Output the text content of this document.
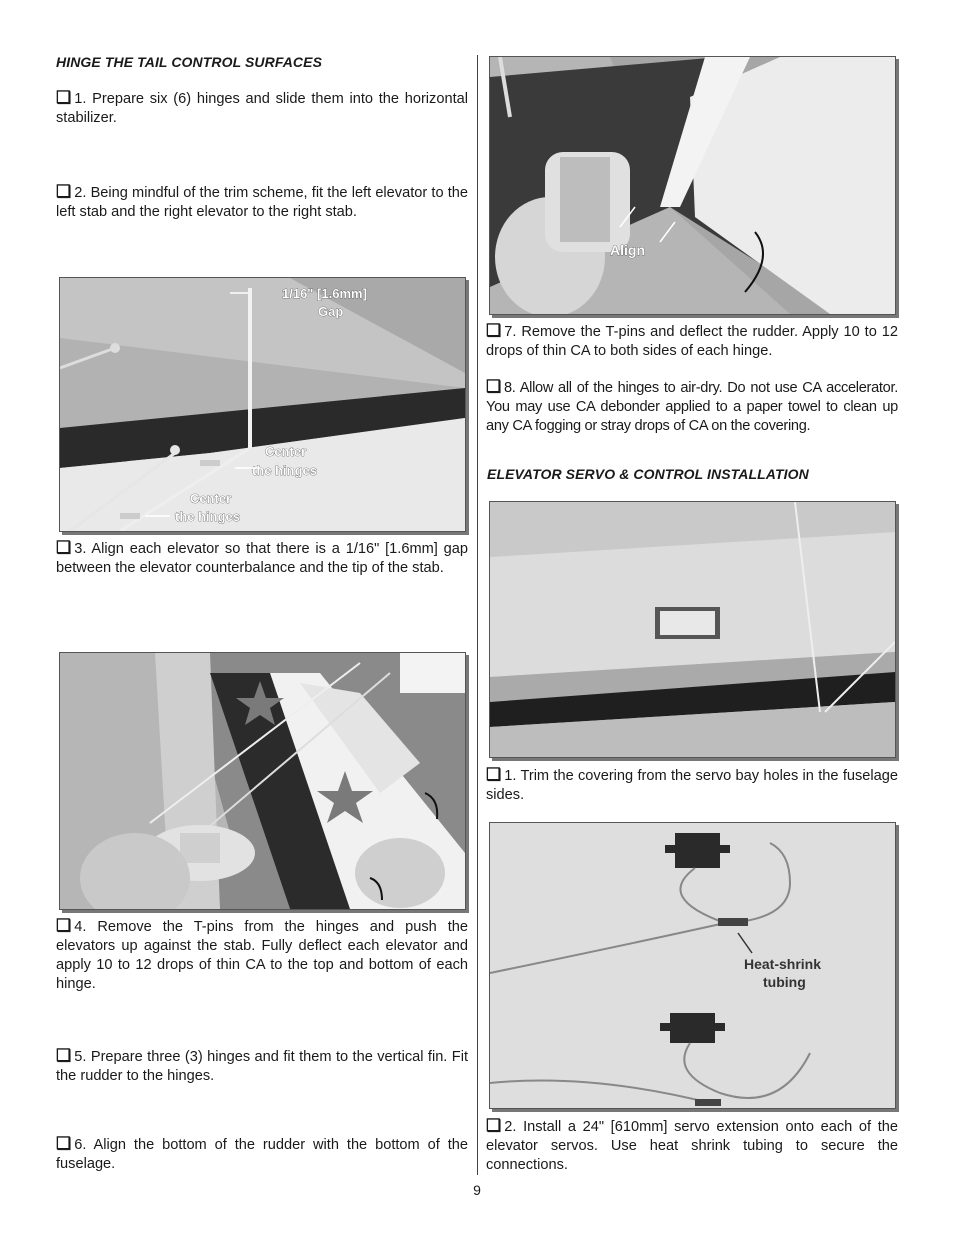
HINGE THE TAIL CONTROL SURFACES
❑ 1. Prepare six (6) hinges and slide them into the horizontal stabilizer.
❑ 2. Being mindful of the trim scheme, fit the left elevator to the left stab and the right elevator to the right stab.
1/16" [1.6mm]
Gap
Center
the hinges
Center
the hinges
❑ 3. Align each elevator so that there is a 1/16" [1.6mm] gap between the elevator counterbalance and the tip of the stab.
❑ 4. Remove the T-pins from the hinges and push the elevators up against the stab. Fully deflect each elevator and apply 10 to 12 drops of thin CA to the top and bottom of each hinge.
❑ 5. Prepare three (3) hinges and fit them to the vertical fin. Fit the rudder to the hinges.
❑ 6. Align the bottom of the rudder with the bottom of the fuselage.
Align
❑ 7. Remove the T-pins and deflect the rudder. Apply 10 to 12 drops of thin CA to both sides of each hinge.
❑ 8. Allow all of the hinges to air-dry. Do not use CA accelerator. You may use CA debonder applied to a paper towel to clean up any CA fogging or stray drops of CA on the covering.
ELEVATOR SERVO & CONTROL INSTALLATION
❑ 1. Trim the covering from the servo bay holes in the fuselage sides.
Heat-shrink
tubing
❑ 2. Install a 24" [610mm] servo extension onto each of the elevator servos. Use heat shrink tubing to secure the connections.
9
